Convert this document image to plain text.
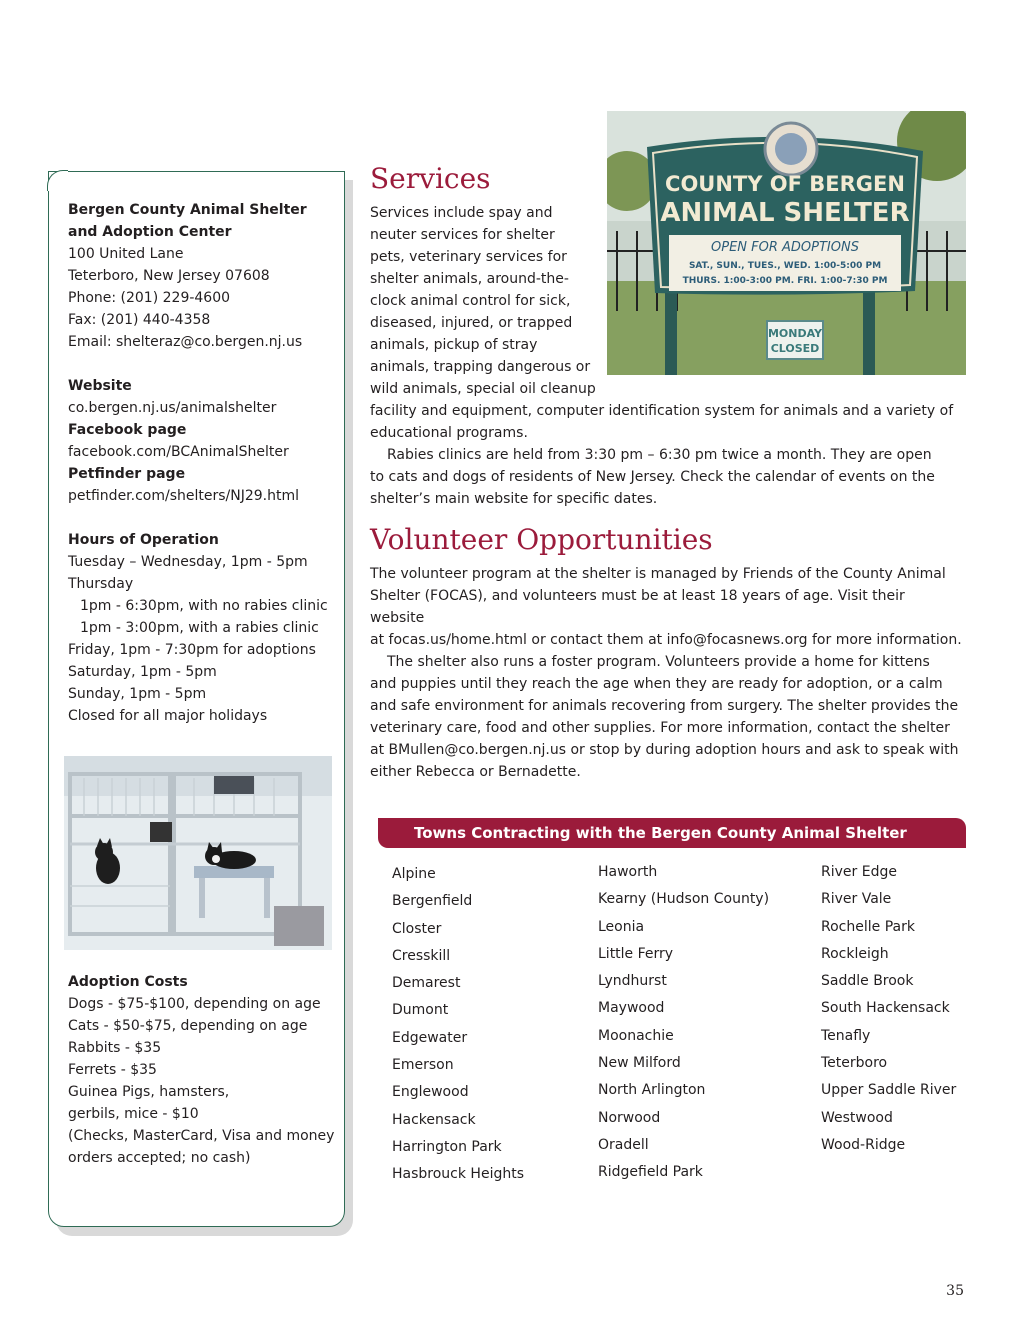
Bergen County Animal Shelter

and Adoption Center

100 United Lane

Teterboro, New Jersey 07608

Phone: (201) 229-4600

Fax: (201) 440-4358

Email: shelteraz@co.bergen.nj.us

Website

co.bergen.nj.us/animalshelter

Facebook page

facebook.com/BCAnimalShelter

Petfinder page

petfinder.com/shelters/NJ29.html

Hours of Operation

Tuesday – Wednesday, 1pm - 5pm

Thursday

1pm - 6:30pm, with no rabies clinic

1pm - 3:00pm, with a rabies clinic

Friday, 1pm - 7:30pm for adoptions

Saturday, 1pm - 5pm

Sunday, 1pm - 5pm

Closed for all major holidays

Adoption Costs

Dogs - $75-$100, depending on age

Cats - $50-$75, depending on age

Rabbits - $35

Ferrets - $35

Guinea Pigs, hamsters,

gerbils, mice - $10

(Checks, MasterCard, Visa and money

orders accepted; no cash)

COUNTY OF BERGEN
ANIMAL SHELTER
OPEN FOR ADOPTIONS
SAT., SUN., TUES., WED. 1:00-5:00 PM
THURS. 1:00-3:00 PM. FRI. 1:00-7:30 PM
MONDAY
CLOSED
Services

Services include spay and

neuter services for shelter

pets, veterinary services for

shelter animals, around-the-

clock animal control for sick,

diseased, injured, or trapped

animals, pickup of stray

animals, trapping dangerous or

wild animals, special oil cleanup

facility and equipment, computer identification system for animals and a variety of

educational programs.

Rabies clinics are held from 3:30 pm – 6:30 pm twice a month. They are open

to cats and dogs of residents of New Jersey. Check the calendar of events on the

shelter’s main website for specific dates.

Volunteer Opportunities

The volunteer program at the shelter is managed by Friends of the County Animal

Shelter (FOCAS), and volunteers must be at least 18 years of age. Visit their website

at focas.us/home.html or contact them at info@focasnews.org for more information.

The shelter also runs a foster program. Volunteers provide a home for kittens

and puppies until they reach the age when they are ready for adoption, or a calm

and safe environment for animals recovering from surgery. The shelter provides the

veterinary care, food and other supplies. For more information, contact the shelter

at BMullen@co.bergen.nj.us or stop by during adoption hours and ask to speak with

either Rebecca or Bernadette.

Towns Contracting with the Bergen County Animal Shelter
Alpine
Bergenfield
Closter
Cresskill
Demarest
Dumont
Edgewater
Emerson
Englewood
Hackensack
Harrington Park
Hasbrouck Heights
Haworth
Kearny (Hudson County)
Leonia
Little Ferry
Lyndhurst
Maywood
Moonachie
New Milford
North Arlington
Norwood
Oradell
Ridgefield Park
River Edge
River Vale
Rochelle Park
Rockleigh
Saddle Brook
South Hackensack
Tenafly
Teterboro
Upper Saddle River
Westwood
Wood-Ridge
35
